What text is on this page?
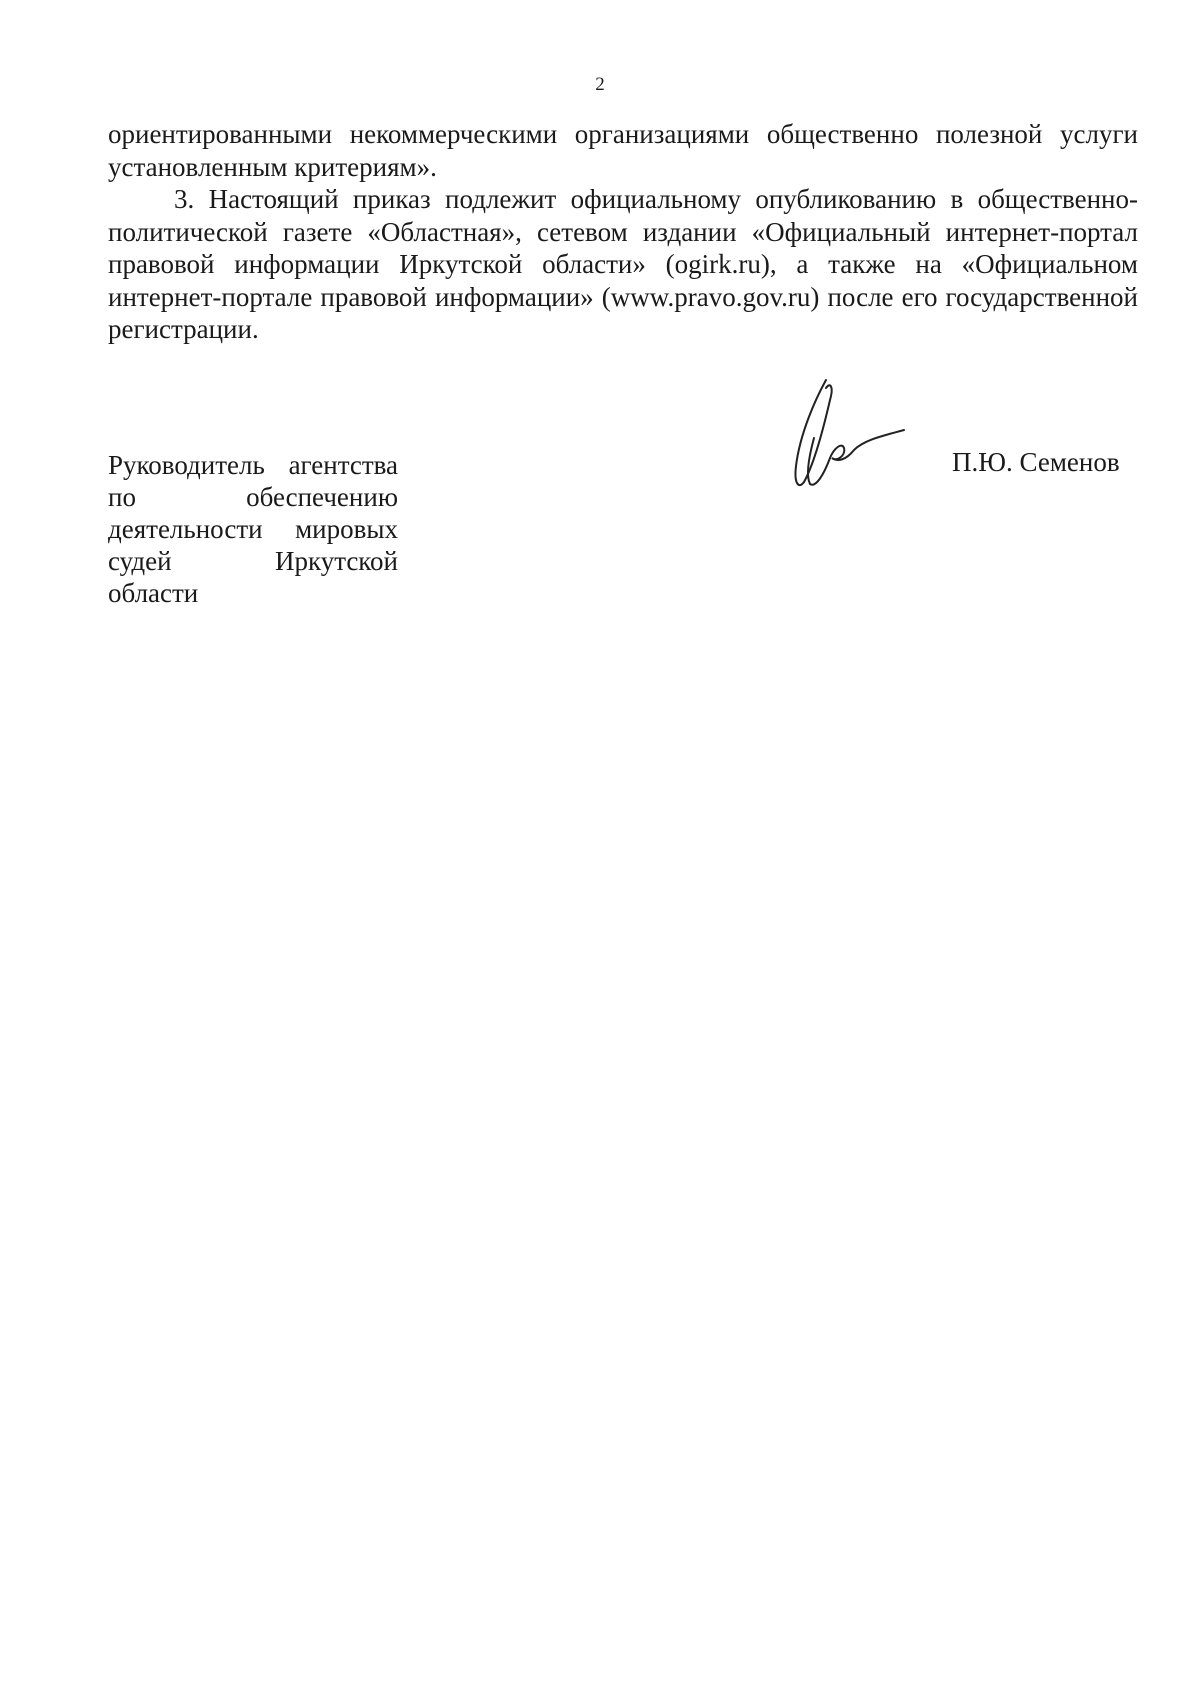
2

ориентированными некоммерческими организациями общественно полезной услуги установленным критериям».

3. Настоящий приказ подлежит официальному опубликованию в общественно-политической газете «Областная», сетевом издании «Официальный интернет-портал правовой информации Иркутской области» (ogirk.ru), а также на «Официальном интернет-портале правовой информации» (www.pravo.gov.ru) после его государственной регистрации.

Руководитель агентства по обеспечению деятельности мировых судей Иркутской области
П.Ю. Семенов
